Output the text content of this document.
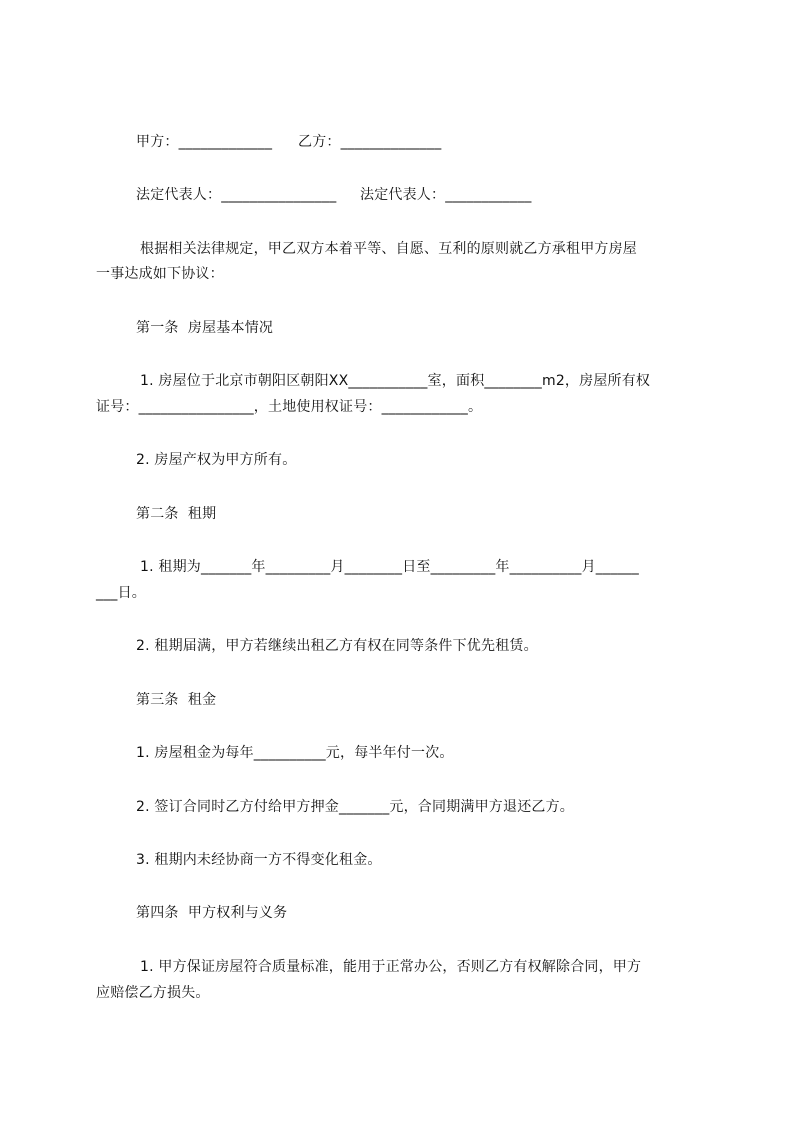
甲方：_____________ 乙方：______________
法定代表人：________________ 法定代表人：____________
根据相关法律规定，甲乙双方本着平等、自愿、互利的原则就乙方承租甲方房屋
一事达成如下协议：
第一条  房屋基本情况
1. 房屋位于北京市朝阳区朝阳XX___________室，面积________m2，房屋所有权
证号：________________，土地使用权证号：____________。
2. 房屋产权为甲方所有。
第二条  租期
1. 租期为_______年_________月________日至_________年__________月______
___日。
2. 租期届满，甲方若继续出租乙方有权在同等条件下优先租赁。
第三条  租金
1. 房屋租金为每年__________元，每半年付一次。
2. 签订合同时乙方付给甲方押金_______元，合同期满甲方退还乙方。
3. 租期内未经协商一方不得变化租金。
第四条  甲方权利与义务
1. 甲方保证房屋符合质量标准，能用于正常办公，否则乙方有权解除合同，甲方
应赔偿乙方损失。
